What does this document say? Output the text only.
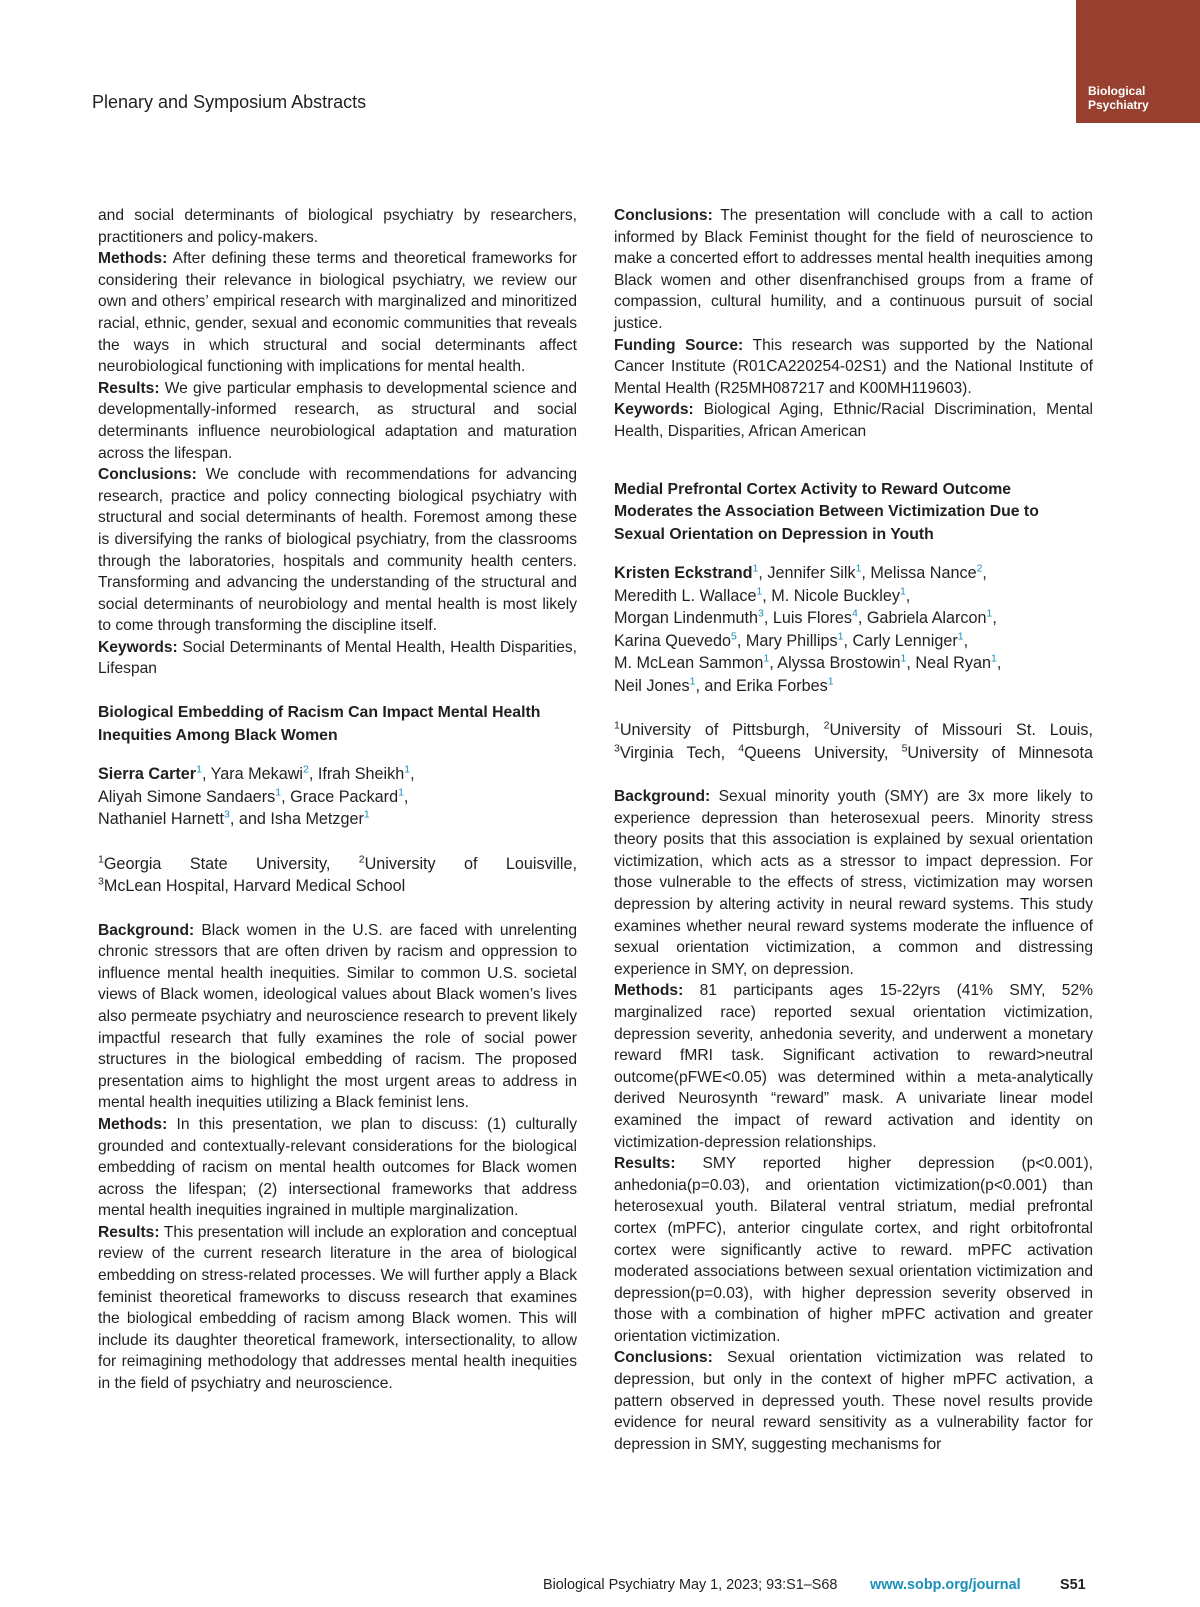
Plenary and Symposium Abstracts
Biological
Psychiatry

and social determinants of biological psychiatry by researchers, practitioners and policy-makers.

Methods: After defining these terms and theoretical frameworks for considering their relevance in biological psychiatry, we review our own and others’ empirical research with marginalized and minoritized racial, ethnic, gender, sexual and economic communities that reveals the ways in which structural and social determinants affect neurobiological functioning with implications for mental health.

Results: We give particular emphasis to developmental science and developmentally-informed research, as structural and social determinants influence neurobiological adaptation and maturation across the lifespan.

Conclusions: We conclude with recommendations for advancing research, practice and policy connecting biological psychiatry with structural and social determinants of health. Foremost among these is diversifying the ranks of biological psychiatry, from the classrooms through the laboratories, hospitals and community health centers. Transforming and advancing the understanding of the structural and social determinants of neurobiology and mental health is most likely to come through transforming the discipline itself.

Keywords: Social Determinants of Mental Health, Health Disparities, Lifespan

Biological Embedding of Racism Can Impact Mental Health Inequities Among Black Women

Sierra Carter$^1$, Yara Mekawi$^2$, Ifrah Sheikh$^1$,
Aliyah Simone Sandaers$^1$, Grace Packard$^1$,
Nathaniel Harnett$^3$, and Isha Metzger$^1$

$^1$Georgia State University, $^2$University of Louisville,
$^3$McLean Hospital, Harvard Medical School

Background: Black women in the U.S. are faced with unrelenting chronic stressors that are often driven by racism and oppression to influence mental health inequities. Similar to common U.S. societal views of Black women, ideological values about Black women’s lives also permeate psychiatry and neuroscience research to prevent likely impactful research that fully examines the role of social power structures in the biological embedding of racism. The proposed presentation aims to highlight the most urgent areas to address in mental health inequities utilizing a Black feminist lens.

Methods: In this presentation, we plan to discuss: (1) culturally grounded and contextually-relevant considerations for the biological embedding of racism on mental health outcomes for Black women across the lifespan; (2) intersectional frameworks that address mental health inequities ingrained in multiple marginalization.

Results: This presentation will include an exploration and conceptual review of the current research literature in the area of biological embedding on stress-related processes. We will further apply a Black feminist theoretical frameworks to discuss research that examines the biological embedding of racism among Black women. This will include its daughter theoretical framework, intersectionality, to allow for reimagining methodology that addresses mental health inequities in the field of psychiatry and neuroscience.

Conclusions: The presentation will conclude with a call to action informed by Black Feminist thought for the field of neuroscience to make a concerted effort to addresses mental health inequities among Black women and other disenfranchised groups from a frame of compassion, cultural humility, and a continuous pursuit of social justice.

Funding Source: This research was supported by the National Cancer Institute (R01CA220254-02S1) and the National Institute of Mental Health (R25MH087217 and K00MH119603).

Keywords: Biological Aging, Ethnic/Racial Discrimination, Mental Health, Disparities, African American

Medial Prefrontal Cortex Activity to Reward Outcome Moderates the Association Between Victimization Due to Sexual Orientation on Depression in Youth

Kristen Eckstrand$^1$, Jennifer Silk$^1$, Melissa Nance$^2$,
Meredith L. Wallace$^1$, M. Nicole Buckley$^1$,
Morgan Lindenmuth$^3$, Luis Flores$^4$, Gabriela Alarcon$^1$,
Karina Quevedo$^5$, Mary Phillips$^1$, Carly Lenniger$^1$,
M. McLean Sammon$^1$, Alyssa Brostowin$^1$, Neal Ryan$^1$,
Neil Jones$^1$, and Erika Forbes$^1$

$^1$University of Pittsburgh, $^2$University of Missouri St. Louis,
$^3$Virginia Tech, $^4$Queens University, $^5$University of Minnesota

Background: Sexual minority youth (SMY) are 3x more likely to experience depression than heterosexual peers. Minority stress theory posits that this association is explained by sexual orientation victimization, which acts as a stressor to impact depression. For those vulnerable to the effects of stress, victimization may worsen depression by altering activity in neural reward systems. This study examines whether neural reward systems moderate the influence of sexual orientation victimization, a common and distressing experience in SMY, on depression.

Methods: 81 participants ages 15-22yrs (41% SMY, 52% marginalized race) reported sexual orientation victimization, depression severity, anhedonia severity, and underwent a monetary reward fMRI task. Significant activation to reward>neutral outcome(pFWE<0.05) was determined within a meta-analytically derived Neurosynth “reward” mask. A univariate linear model examined the impact of reward activation and identity on victimization-depression relationships.

Results: SMY reported higher depression (p<0.001), anhedonia(p=0.03), and orientation victimization(p<0.001) than heterosexual youth. Bilateral ventral striatum, medial prefrontal cortex (mPFC), anterior cingulate cortex, and right orbitofrontal cortex were significantly active to reward. mPFC activation moderated associations between sexual orientation victimization and depression(p=0.03), with higher depression severity observed in those with a combination of higher mPFC activation and greater orientation victimization.

Conclusions: Sexual orientation victimization was related to depression, but only in the context of higher mPFC activation, a pattern observed in depressed youth. These novel results provide evidence for neural reward sensitivity as a vulnerability factor for depression in SMY, suggesting mechanisms for

Biological Psychiatry May 1, 2023; 93:S1–S68 www.sobp.org/journal	S51
